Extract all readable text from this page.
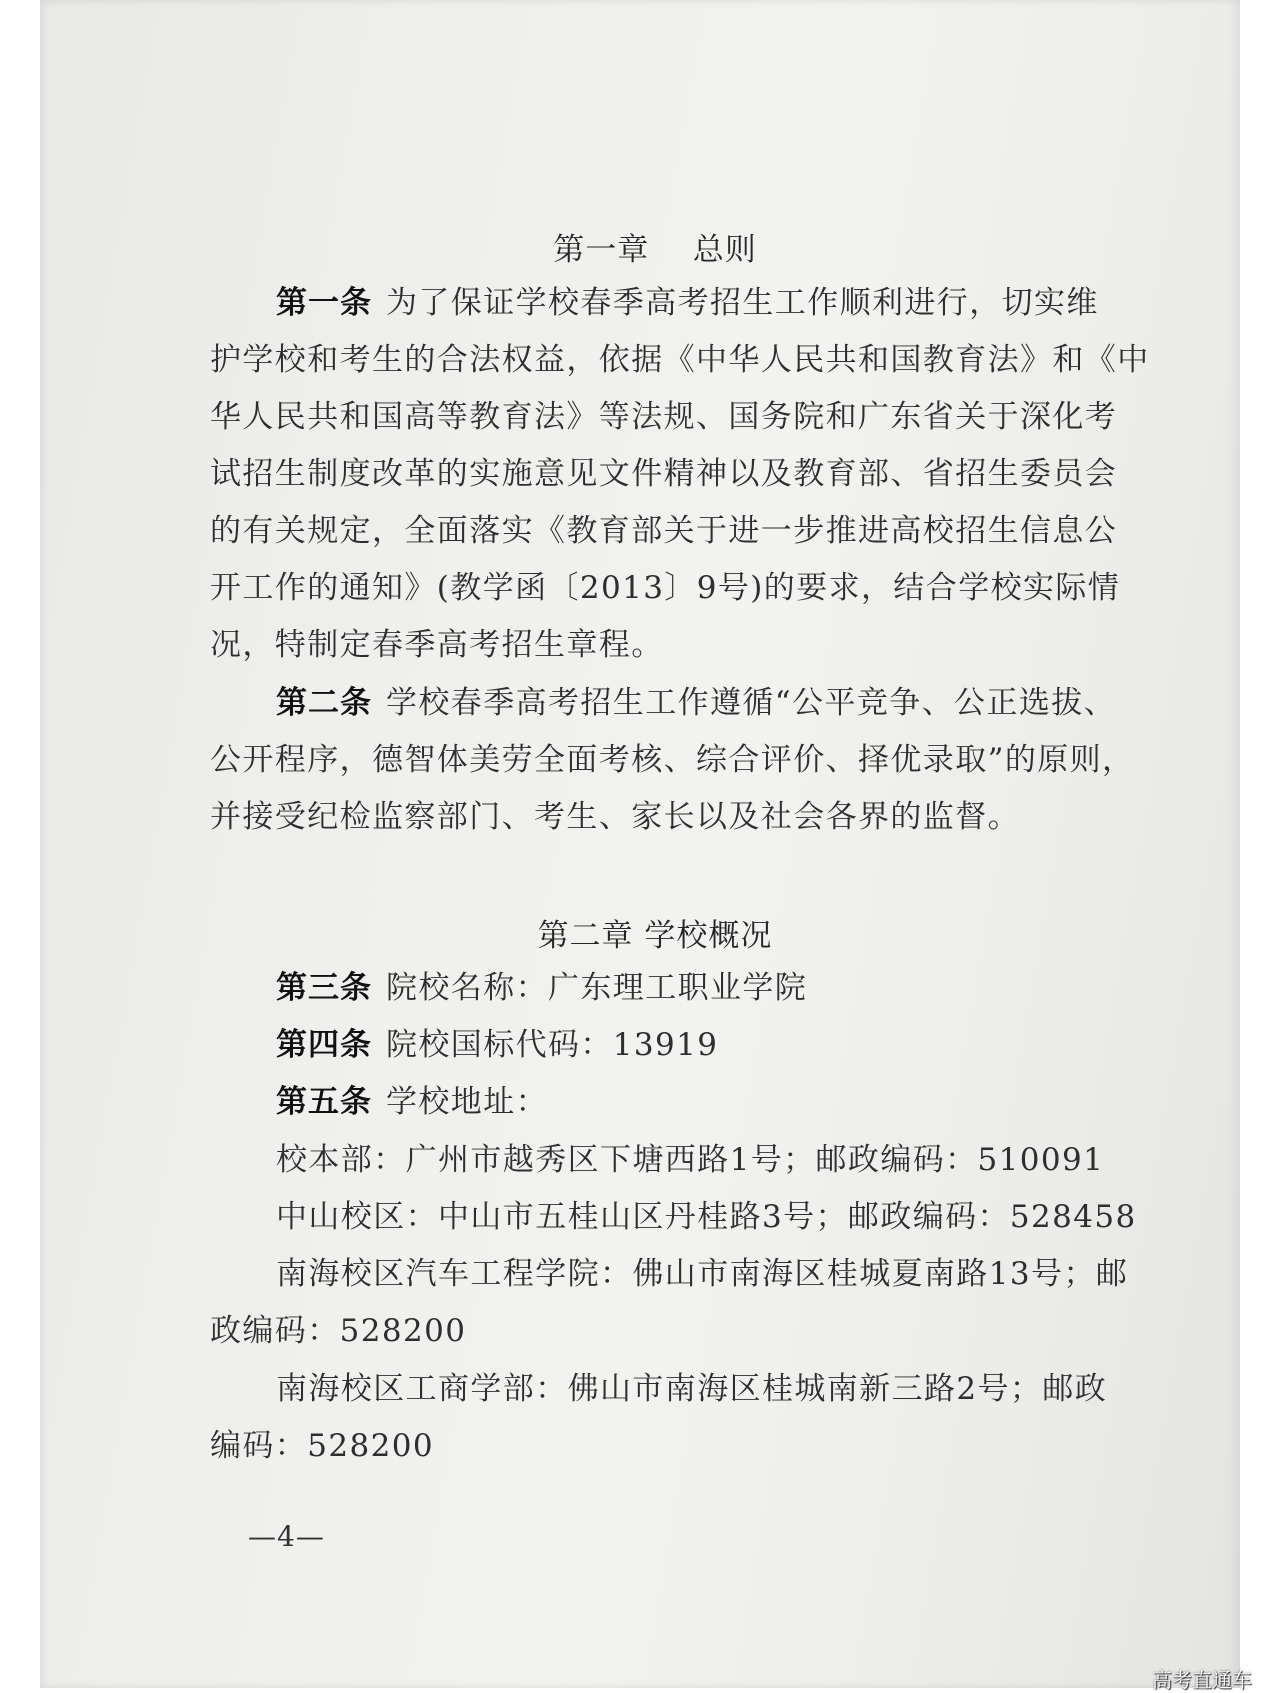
第一章    总则
第一条 为了保证学校春季高考招生工作顺利进行，切实维
护学校和考生的合法权益，依据《中华人民共和国教育法》和《中
华人民共和国高等教育法》等法规、国务院和广东省关于深化考
试招生制度改革的实施意见文件精神以及教育部、省招生委员会
的有关规定，全面落实《教育部关于进一步推进高校招生信息公
开工作的通知》(教学函〔2013〕9号)的要求，结合学校实际情
况，特制定春季高考招生章程。
第二条 学校春季高考招生工作遵循“公平竞争、公正选拔、
公开程序，德智体美劳全面考核、综合评价、择优录取”的原则，
并接受纪检监察部门、考生、家长以及社会各界的监督。
第二章 学校概况
第三条 院校名称：广东理工职业学院
第四条 院校国标代码：13919
第五条 学校地址：
校本部：广州市越秀区下塘西路1号；邮政编码：510091
中山校区：中山市五桂山区丹桂路3号；邮政编码：528458
南海校区汽车工程学院：佛山市南海区桂城夏南路13号；邮
政编码：528200
南海校区工商学部：佛山市南海区桂城南新三路2号；邮政
编码：528200
—4—
高考直通车
